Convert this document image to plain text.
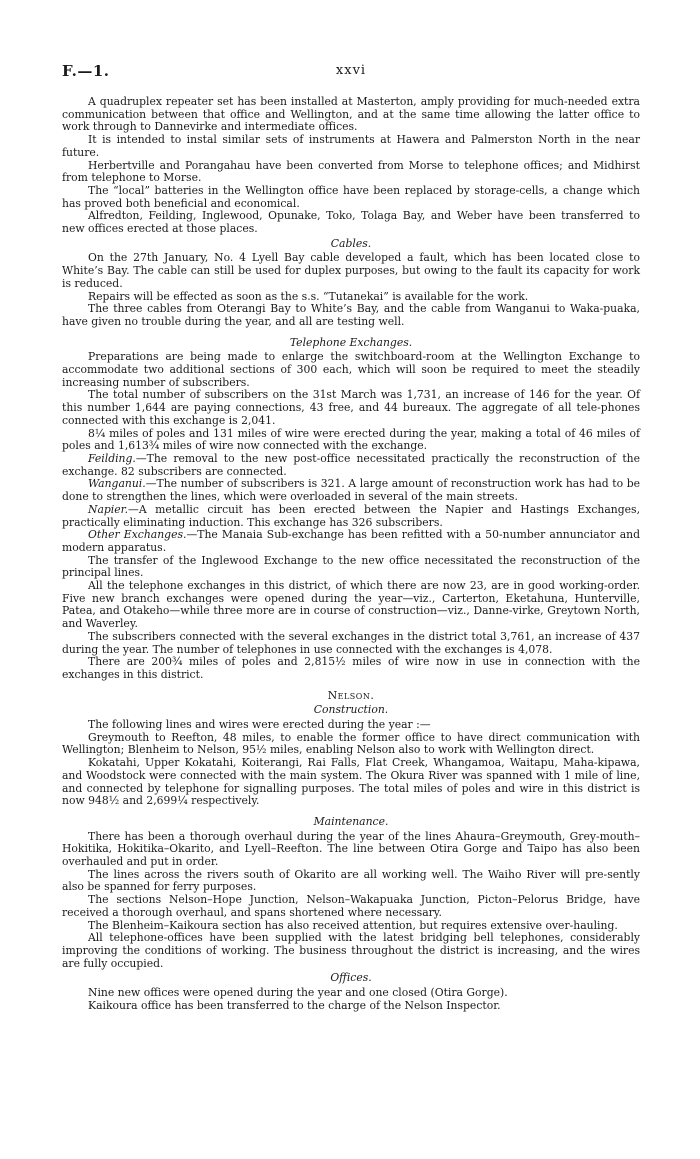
F.—1.	xxvi

A quadruplex repeater set has been installed at Masterton, amply providing for much-needed extra communication between that office and Wellington, and at the same time allowing the latter office to work through to Dannevirke and intermediate offices.

It is intended to instal similar sets of instruments at Hawera and Palmerston North in the near future.

Herbertville and Porangahau have been converted from Morse to telephone offices; and Midhirst from telephone to Morse.

The “local” batteries in the Wellington office have been replaced by storage-cells, a change which has proved both beneficial and economical.

Alfredton, Feilding, Inglewood, Opunake, Toko, Tolaga Bay, and Weber have been transferred to new offices erected at those places.

Cables.

On the 27th January, No. 4 Lyell Bay cable developed a fault, which has been located close to White’s Bay. The cable can still be used for duplex purposes, but owing to the fault its capacity for work is reduced.

Repairs will be effected as soon as the s.s. “Tutanekai” is available for the work.

The three cables from Oterangi Bay to White’s Bay, and the cable from Wanganui to Waka-puaka, have given no trouble during the year, and all are testing well.

Telephone Exchanges.

Preparations are being made to enlarge the switchboard-room at the Wellington Exchange to accommodate two additional sections of 300 each, which will soon be required to meet the steadily increasing number of subscribers.

The total number of subscribers on the 31st March was 1,731, an increase of 146 for the year. Of this number 1,644 are paying connections, 43 free, and 44 bureaux. The aggregate of all tele-phones connected with this exchange is 2,041.

8¼ miles of poles and 131 miles of wire were erected during the year, making a total of 46 miles of poles and 1,613¾ miles of wire now connected with the exchange.

Feilding.—The removal to the new post-office necessitated practically the reconstruction of the exchange. 82 subscribers are connected.

Wanganui.—The number of subscribers is 321. A large amount of reconstruction work has had to be done to strengthen the lines, which were overloaded in several of the main streets.

Napier.—A metallic circuit has been erected between the Napier and Hastings Exchanges, practically eliminating induction. This exchange has 326 subscribers.

Other Exchanges.—The Manaia Sub-exchange has been refitted with a 50-number annunciator and modern apparatus.

The transfer of the Inglewood Exchange to the new office necessitated the reconstruction of the principal lines.

All the telephone exchanges in this district, of which there are now 23, are in good working-order. Five new branch exchanges were opened during the year—viz., Carterton, Eketahuna, Hunterville, Patea, and Otakeho—while three more are in course of construction—viz., Danne-virke, Greytown North, and Waverley.

The subscribers connected with the several exchanges in the district total 3,761, an increase of 437 during the year. The number of telephones in use connected with the exchanges is 4,078.

There are 200¾ miles of poles and 2,815½ miles of wire now in use in connection with the exchanges in this district.

Nelson.
Construction.

The following lines and wires were erected during the year :—

Greymouth to Reefton, 48 miles, to enable the former office to have direct communication with Wellington; Blenheim to Nelson, 95½ miles, enabling Nelson also to work with Wellington direct.

Kokatahi, Upper Kokatahi, Koiterangi, Rai Falls, Flat Creek, Whangamoa, Waitapu, Maha-kipawa, and Woodstock were connected with the main system. The Okura River was spanned with 1 mile of line, and connected by telephone for signalling purposes. The total miles of poles and wire in this district is now 948½ and 2,699¼ respectively.

Maintenance.

There has been a thorough overhaul during the year of the lines Ahaura–Greymouth, Grey-mouth–Hokitika, Hokitika–Okarito, and Lyell–Reefton. The line between Otira Gorge and Taipo has also been overhauled and put in order.

The lines across the rivers south of Okarito are all working well. The Waiho River will pre-sently also be spanned for ferry purposes.

The sections Nelson–Hope Junction, Nelson–Wakapuaka Junction, Picton–Pelorus Bridge, have received a thorough overhaul, and spans shortened where necessary.

The Blenheim–Kaikoura section has also received attention, but requires extensive over-hauling.

All telephone-offices have been supplied with the latest bridging bell telephones, considerably improving the conditions of working. The business throughout the district is increasing, and the wires are fully occupied.

Offices.

Nine new offices were opened during the year and one closed (Otira Gorge).

Kaikoura office has been transferred to the charge of the Nelson Inspector.
